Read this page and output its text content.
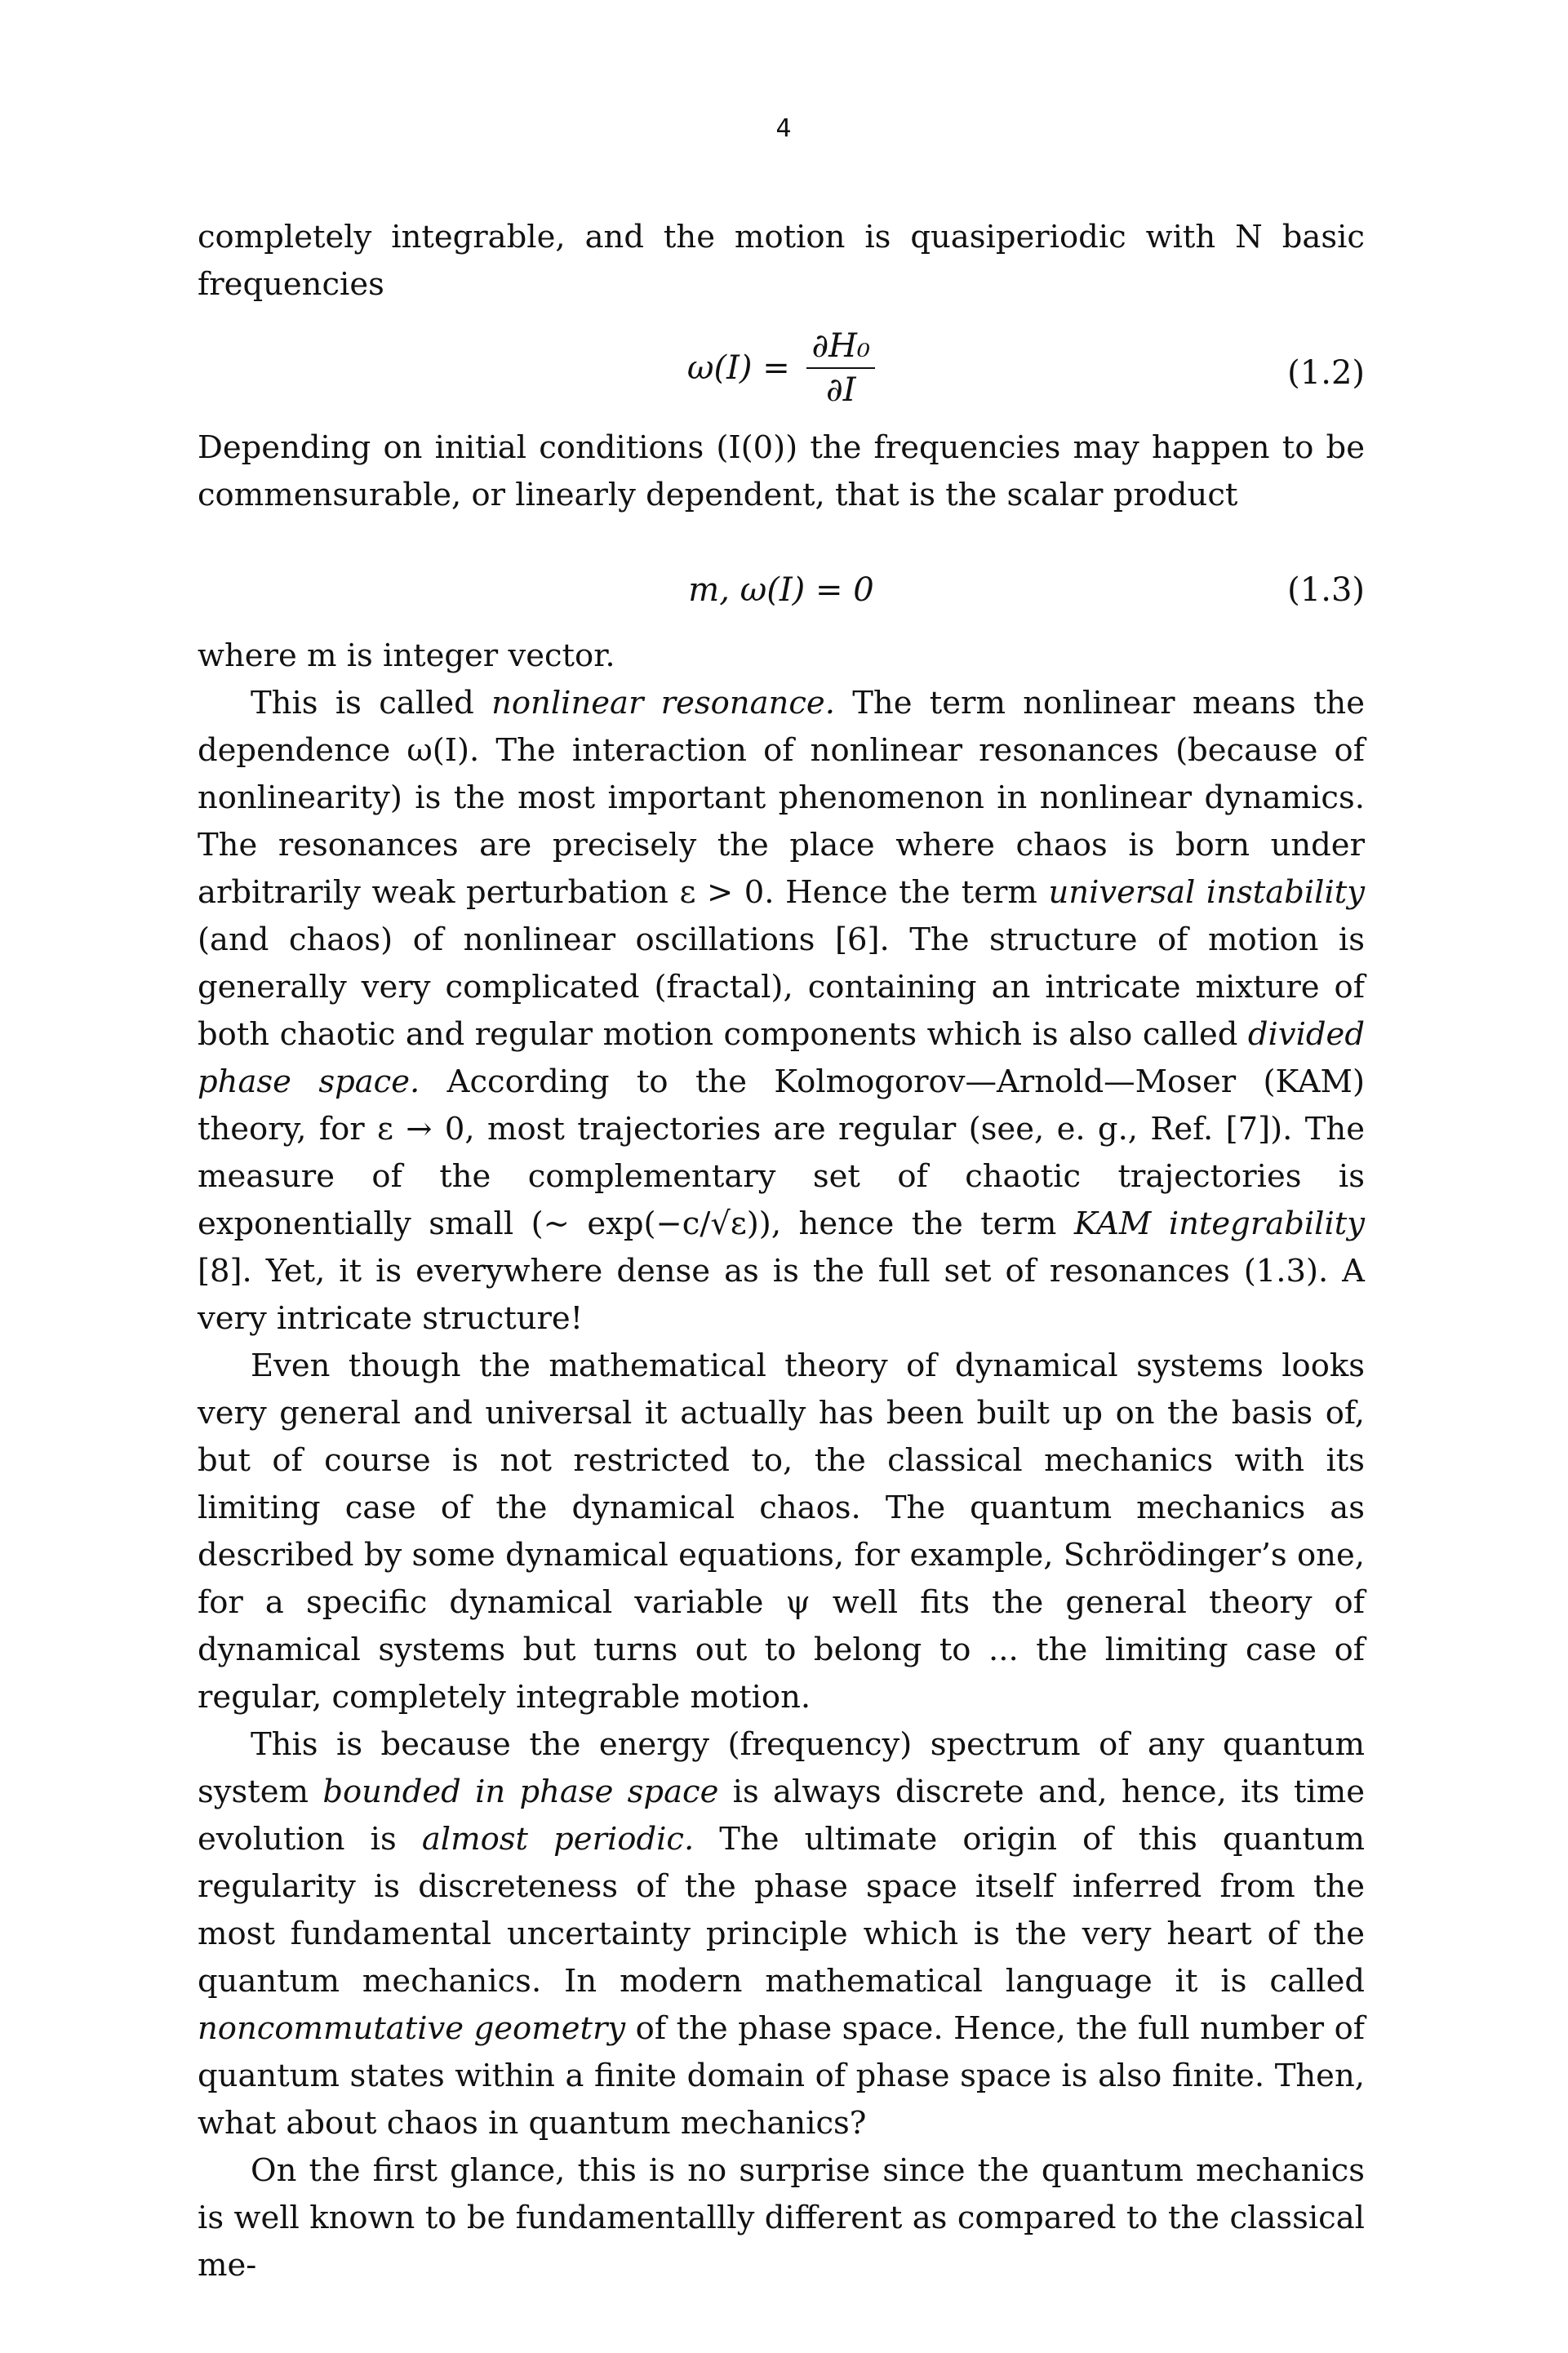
4

completely integrable, and the motion is quasiperiodic with N basic frequencies

$\omega(I) = \frac{\text{∂H₀}}{\partial I}$	(1.2)

Depending on initial conditions (I(0)) the frequencies may happen to be commensurable, or linearly dependent, that is the scalar product

m, ω(I) = 0	(1.3)

where m is integer vector.

This is called nonlinear resonance. The term nonlinear means the dependence ω(I). The interaction of nonlinear resonances (because of nonlinearity) is the most important phenomenon in nonlinear dynamics. The resonances are precisely the place where chaos is born under arbitrarily weak perturbation ε > 0. Hence the term universal instability (and chaos) of nonlinear oscillations [6]. The structure of motion is generally very complicated (fractal), containing an intricate mixture of both chaotic and regular motion components which is also called divided phase space. According to the Kolmogorov—Arnold—Moser (KAM) theory, for ε → 0, most trajectories are regular (see, e. g., Ref. [7]). The measure of the complementary set of chaotic trajectories is exponentially small (∼ exp(−c/√ε)), hence the term KAM integrability [8]. Yet, it is everywhere dense as is the full set of resonances (1.3). A very intricate structure!

Even though the mathematical theory of dynamical systems looks very general and universal it actually has been built up on the basis of, but of course is not restricted to, the classical mechanics with its limiting case of the dynamical chaos. The quantum mechanics as described by some dynamical equations, for example, Schrödinger’s one, for a specific dynamical variable ψ well fits the general theory of dynamical systems but turns out to belong to ... the limiting case of regular, completely integrable motion.

This is because the energy (frequency) spectrum of any quantum system bounded in phase space is always discrete and, hence, its time evolution is almost periodic. The ultimate origin of this quantum regularity is discreteness of the phase space itself inferred from the most fundamental uncertainty principle which is the very heart of the quantum mechanics. In modern mathematical language it is called noncommutative geometry of the phase space. Hence, the full number of quantum states within a finite domain of phase space is also finite. Then, what about chaos in quantum mechanics?

On the first glance, this is no surprise since the quantum mechanics is well known to be fundamentallly different as compared to the classical me-
